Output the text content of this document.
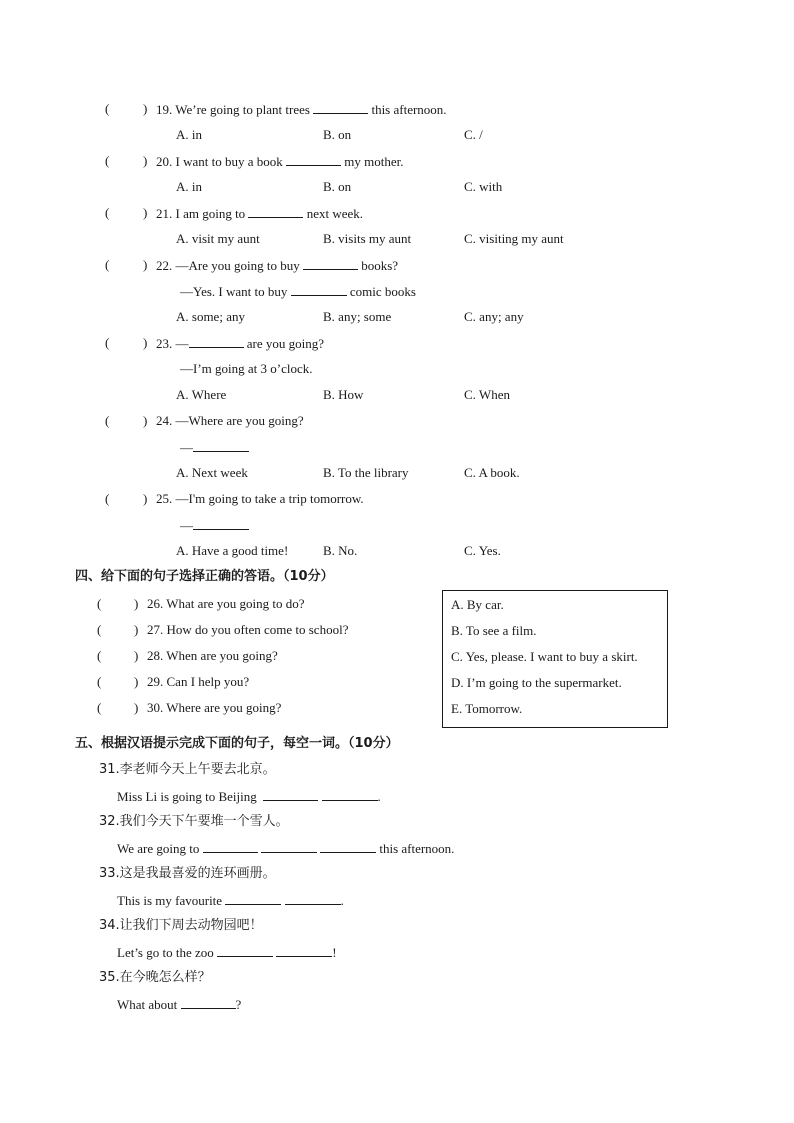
(	) 19. We’re going to plant trees	this afternoon.
A. in	B. on	C. /
(	) 20. I want to buy a book	my mother.
A. in	B. on	C. with
(	) 21. I am going to	next week.
A. visit my aunt	B. visits my aunt	C. visiting my aunt
(	) 22. —Are you going to buy	books?
—Yes. I want to buy	comic books
A. some; any	B. any; some	C. any; any
(	) 23. —	are you going?
—I’m going at 3 o’clock.
A. Where	B. How	C. When
(	) 24. —Where are you going?
—
A. Next week	B. To the library	C. A book.
(	) 25. —I'm going to take a trip tomorrow.
—
A. Have a good time!	B. No.	C. Yes.
四、给下面的句子选择正确的答语。（10分）
(	) 26. What are you going to do?
(	) 27. How do you often come to school?
(	) 28. When are you going?
(	) 29. Can I help you?
(	) 30. Where are you going?
A. By car.
B. To see a film.
C. Yes, please. I want to buy a skirt.
D. I’m going to the supermarket.
E. Tomorrow.
五、根据汉语提示完成下面的句子，每空一词。（10分）
31.李老师今天上午要去北京。
Miss Li is going to Beijing	.
32.我们今天下午要堆一个雪人。
We are going to	this afternoon.
33.这是我最喜爱的连环画册。
This is my favourite	.
34.让我们下周去动物园吧！
Let’s go to the zoo	!
35.在今晚怎么样？
What about	?
